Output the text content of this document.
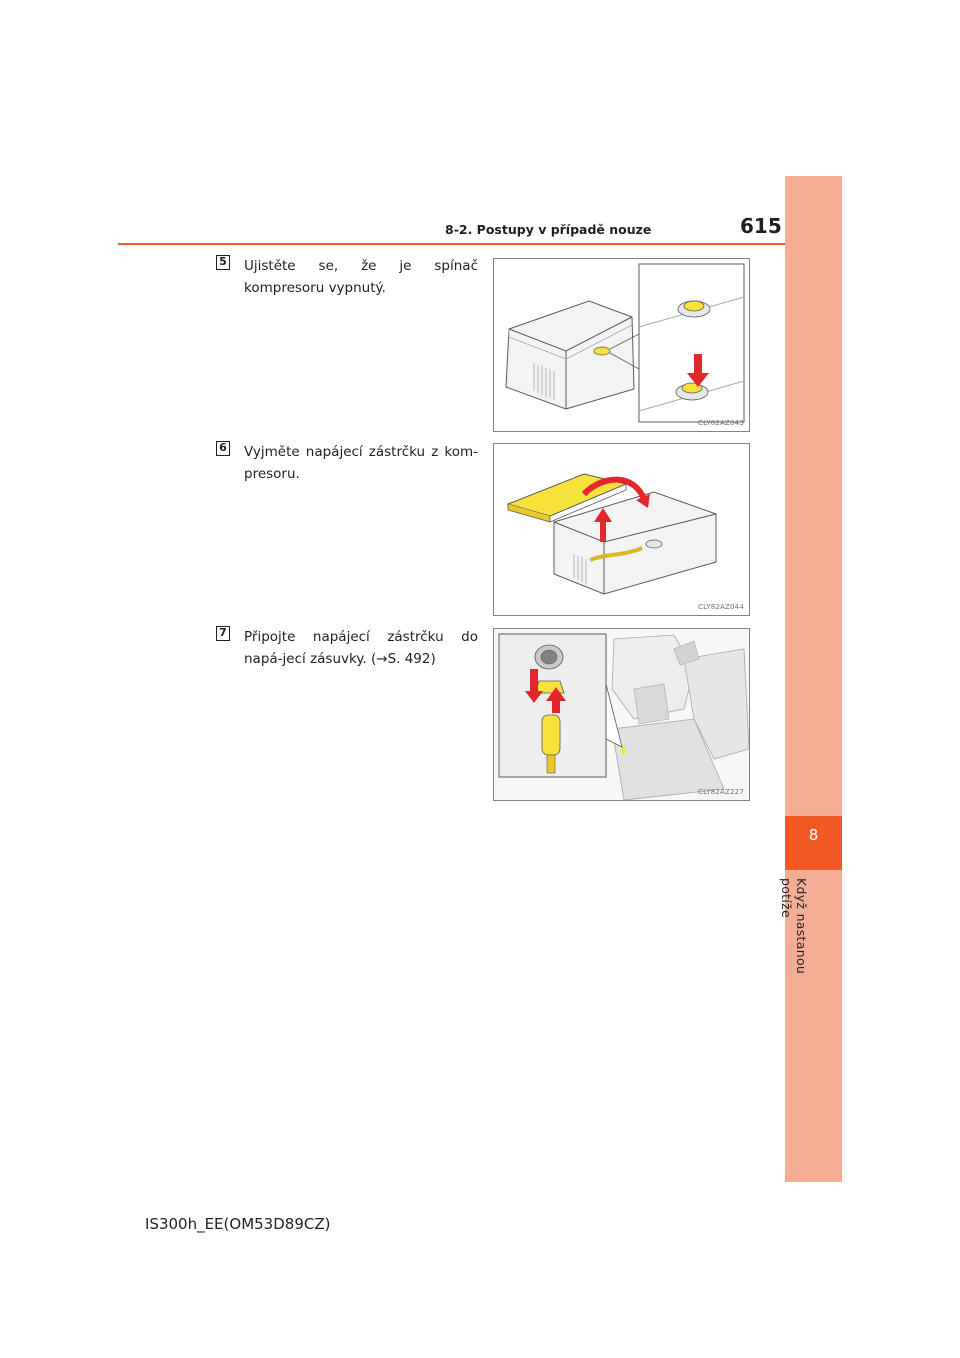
8-2. Postupy v případě nouze	615
8
Když nastanou potíže
5 Ujistěte se, že je spínač kompresoru vypnutý.
CLY82AZ043
6 Vyjměte napájecí zástrčku z kom-presoru.
CLY82AZ044
7 Připojte napájecí zástrčku do napá-jecí zásuvky. (→S. 492)
CLY82AZ227
IS300h_EE(OM53D89CZ)
